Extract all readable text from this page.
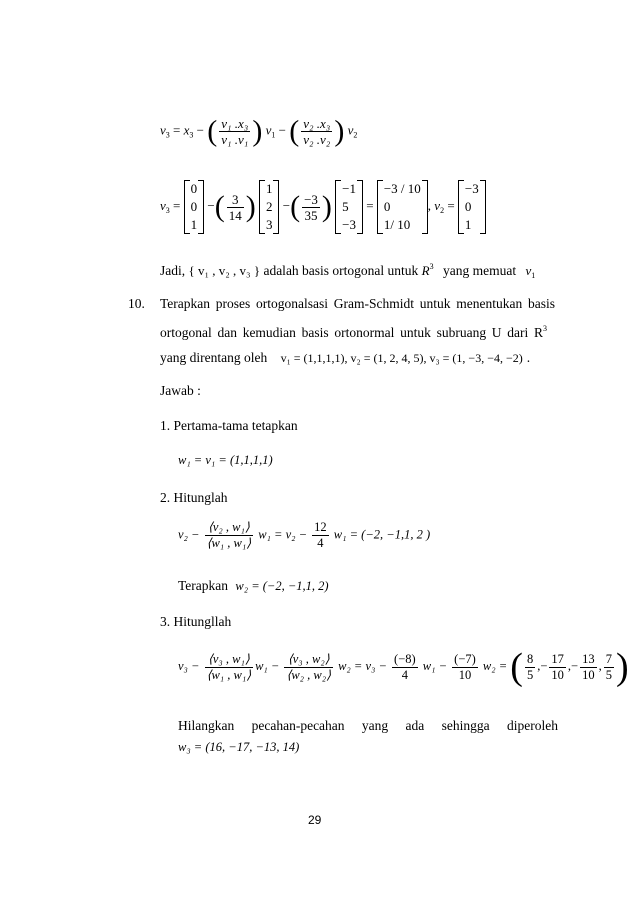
$v_3 = x_3$ − ( $\frac{\text{v₁ .x₃}}{\text{v₁ .v₁}}$ ) $v_1$ − ( $\frac{\text{v₂ .x₃}}{\text{v₂ .v₂}}$ ) $v_2$
$v_3$ =
0
0
1
−( $\frac{3}{14}$ )
1
2
3
−( $\frac{-3}{35}$ )
−1
5
−3
=
−3 / 10
0
1/ 10
, $v_2$ =
−3
0
1
Jadi, { v₁ , v₂ , v₃ } adalah basis ortogonal untuk $R^3$ yang memuat $v_1$
10. Terapkan proses ortogonalsasi Gram-Schmidt untuk menentukan basis
ortogonal dan kemudian basis ortonormal untuk subruang U dari $R^3$
yang direntang oleh v₁ = (1,1,1,1), v₂ = (1, 2, 4, 5), v₃ = (1, −3, −4, −2) .
Jawab :
1. Pertama-tama tetapkan
w₁ = v₁ = (1,1,1,1)
2. Hitunglah
$v_2 - \frac{\text{⟨v₂ , w₁⟩}}{\text{⟨w₁ , w₁⟩}} w_1 = v_2 - \frac{12}{4} w_1 = (-2$, −1,1, 2 )
Terapkan w₂ = (−2, −1,1, 2)
3. Hitungllah
$v_3 - \frac{\text{⟨v₃ , w₁⟩}}{\text{⟨w₁ , w₁⟩}} w_1 - \frac{\text{⟨v₃ , w₂⟩}}{\text{⟨w₂ , w₂⟩}} w_2 = v_3 - \frac{(-8)}{4} w_1 - \frac{(-7)}{10} w_2$ = ( $\frac{8}{5}$ ,− $\frac{17}{10}$ ,− $\frac{13}{10}$ , $\frac{7}{5}$ )
Hilangkan pecahan-pecahan yang ada sehingga diperoleh
w₃ = (16, −17, −13, 14)
29
